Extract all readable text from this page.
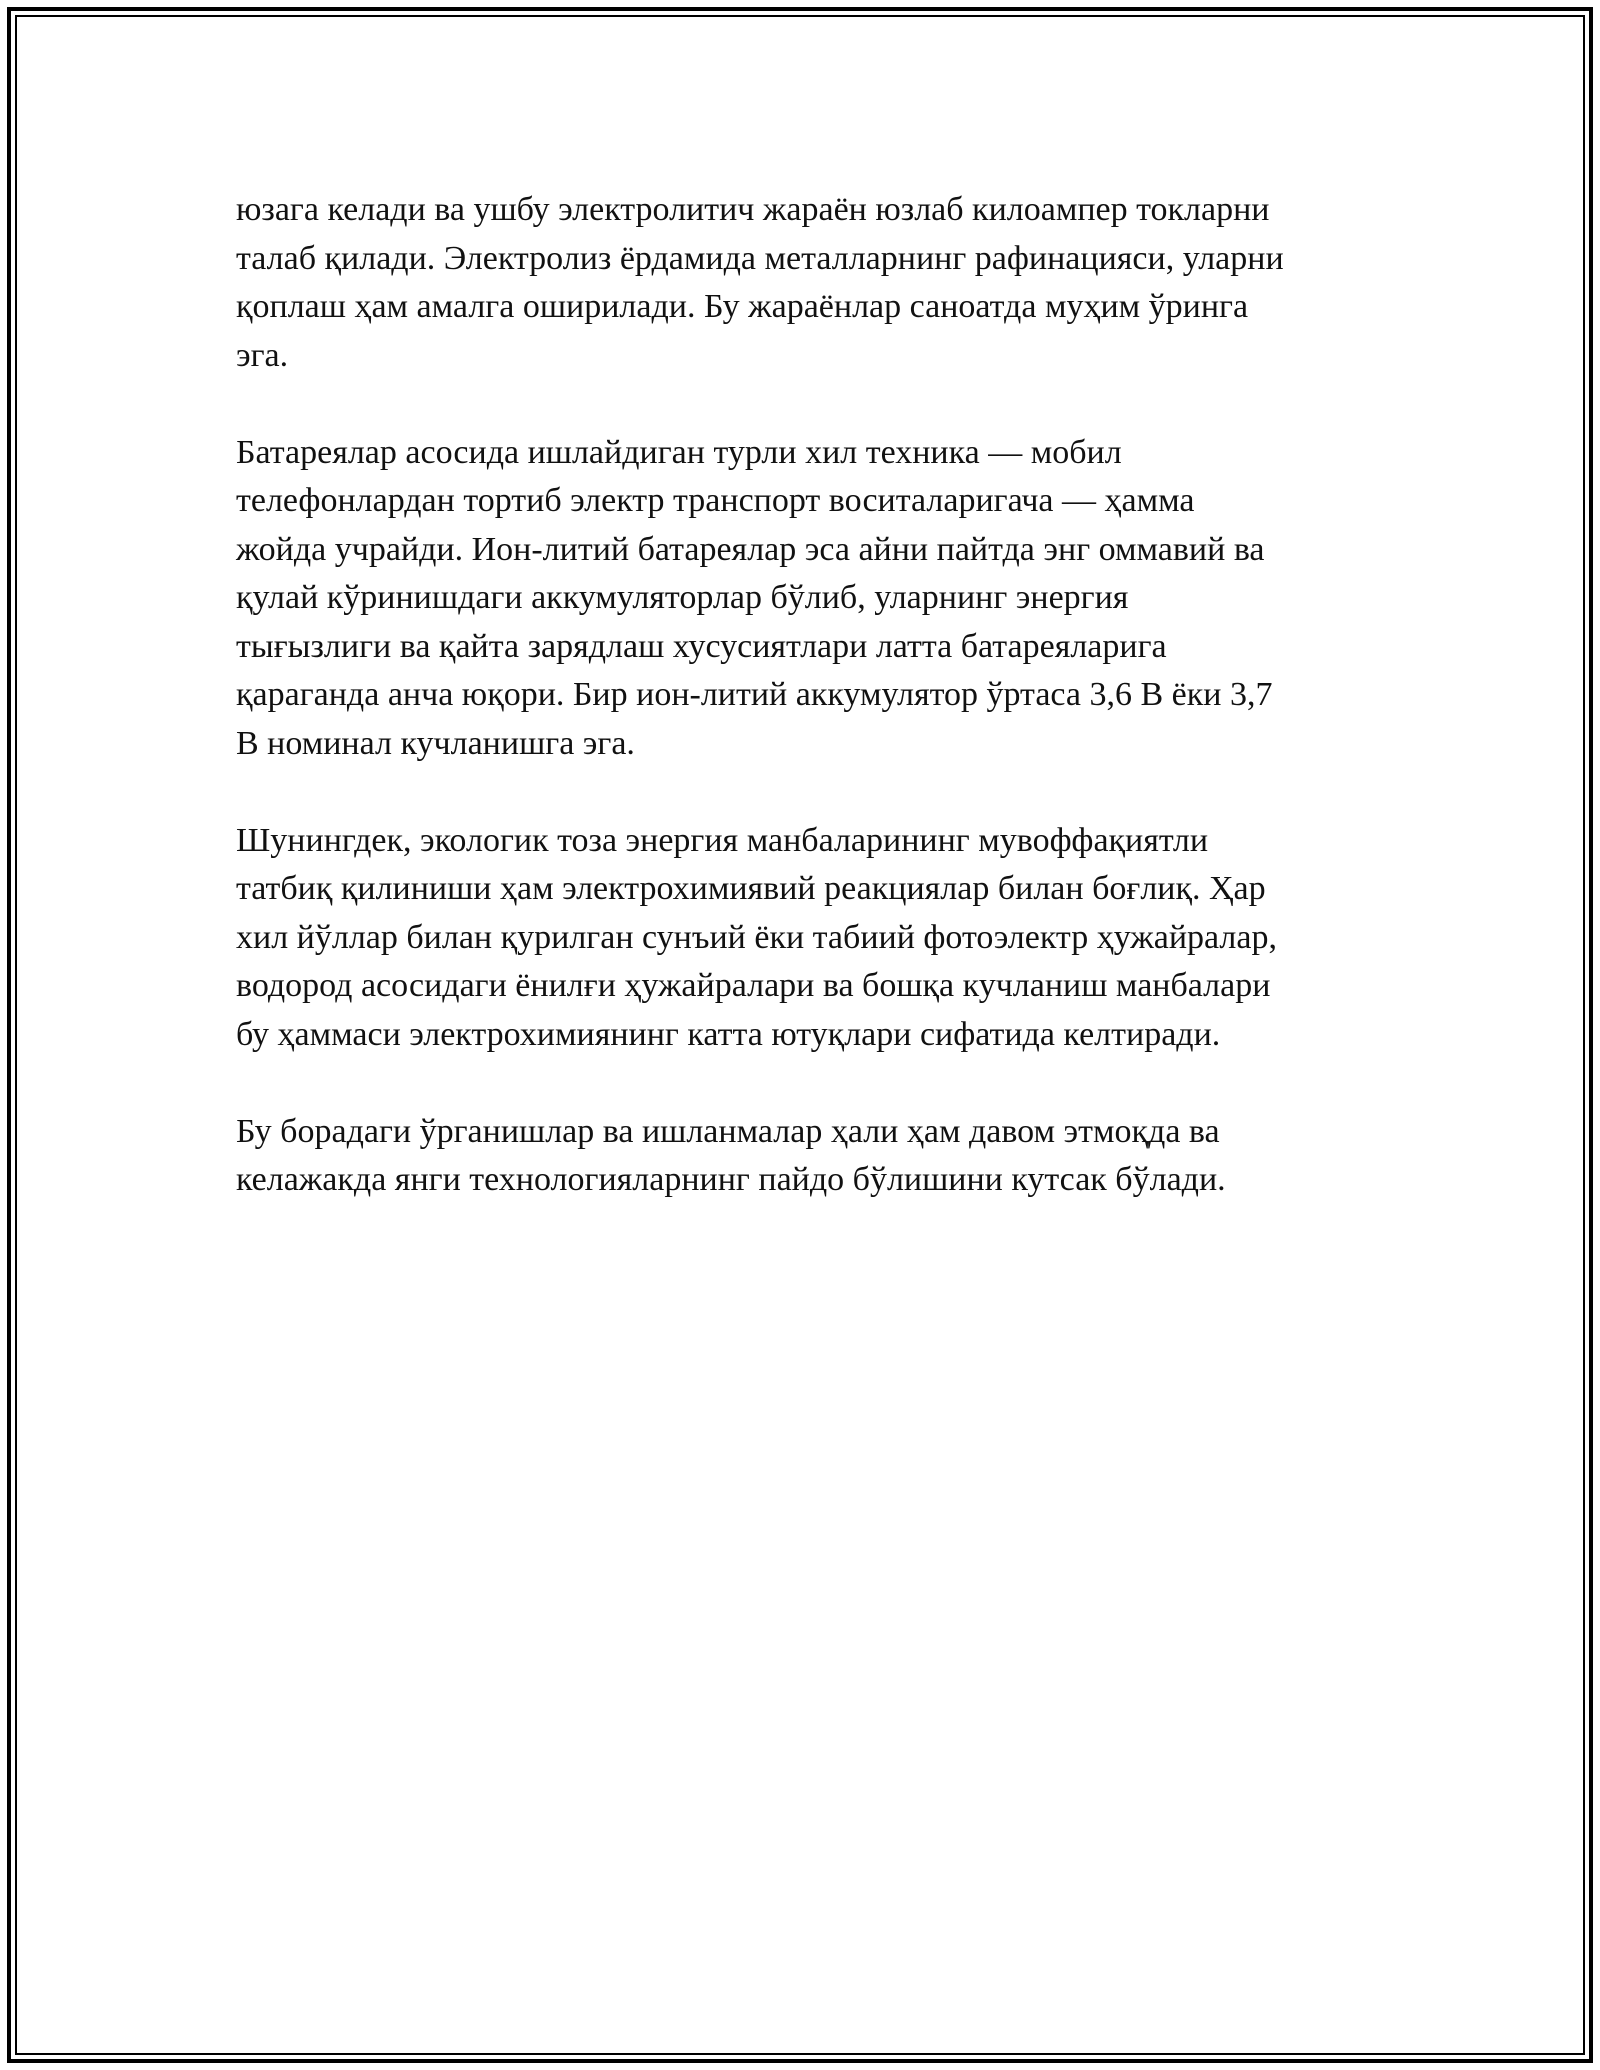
юзага келади ва ушбу электролитич жараён юзлаб килоампер токларни
талаб қилади. Электролиз ёрдамида металларнинг рафинацияси, уларни
қоплаш ҳам амалга оширилади. Бу жараёнлар саноатда муҳим ўринга
эга.

Батареялар асосида ишлайдиган турли хил техника — мобил
телефонлардан тортиб электр транспорт воситаларигача — ҳамма
жойда учрайди. Ион-литий батареялар эса айни пайтда энг оммавий ва
қулай кўринишдаги аккумуляторлар бўлиб, уларнинг энергия
тығызлиги ва қайта зарядлаш хусусиятлари латта батареяларига
қараганда анча юқори. Бир ион-литий аккумулятор ўртаса 3,6 В ёки 3,7
В номинал кучланишга эга.

Шунингдек, экологик тоза энергия манбаларининг мувоффақиятли
татбиқ қилиниши ҳам электрохимиявий реакциялар билан боғлиқ. Ҳар
хил йўллар билан қурилган сунъий ёки табиий фотоэлектр ҳужайралар,
водород асосидаги ёнилғи ҳужайралари ва бошқа кучланиш манбалари
бу ҳаммаси электрохимиянинг катта ютуқлари сифатида келтиради.

Бу борадаги ўрганишлар ва ишланмалар ҳали ҳам давом этмоқда ва
келажакда янги технологияларнинг пайдо бўлишини кутсак бўлади.
